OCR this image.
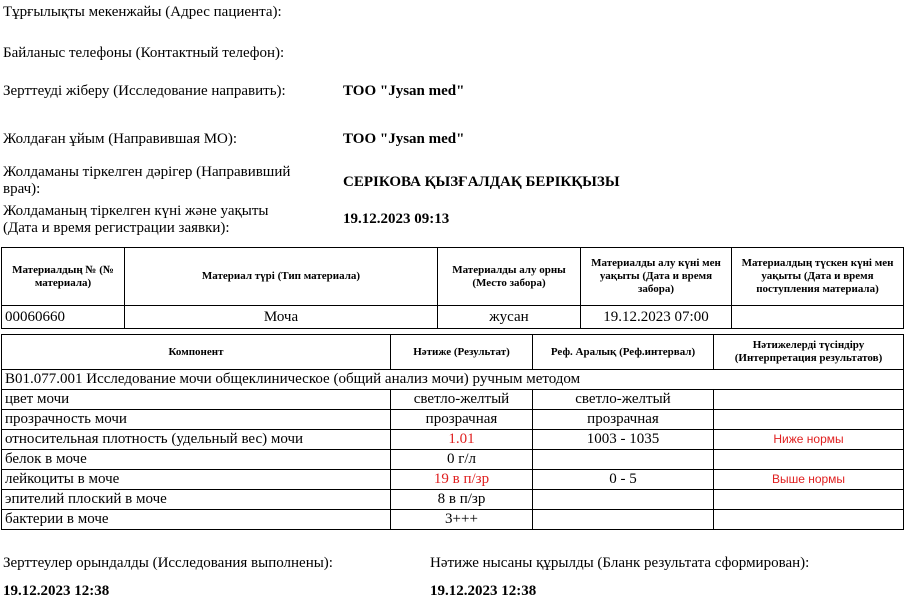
Тұрғылықты мекенжайы (Адрес пациента):
Байланыс телефоны (Контактный телефон):
Зерттеуді жіберу (Исследование направить):	ТОО "Jysan med"
Жолдаған ұйым (Направившая МО):	ТОО "Jysan med"
Жолдаманы тіркелген дәрігер (Направивший врач):	СЕРІКОВА ҚЫЗҒАЛДАҚ БЕРІКҚЫЗЫ
Жолдаманың тіркелген күні және уақыты (Дата и время регистрации заявки):
19.12.2023 09:13
Материалдың № (№ материала)	Материал түрі (Тип материала)	Материалды алу орны (Место забора)	Материалды алу күні мен уақыты (Дата и время забора)	Материалдың түскен күні мен уақыты (Дата и время поступления материала)
00060660	Моча	жусан	19.12.2023 07:00	
Компонент	Нәтиже (Результат)	Реф. Аралық (Реф.интервал)	Нәтижелерді түсіндіру (Интерпретация результатов)
B01.077.001 Исследование мочи общеклиническое (общий анализ мочи) ручным методом			
цвет мочи	светло-желтый	светло-желтый	
прозрачность мочи	прозрачная	прозрачная	
относительная плотность (удельный вес) мочи	1.01	1003 - 1035	Ниже нормы
белок в моче	0 г/л		
лейкоциты в моче	19 в п/зр	0 - 5	Выше нормы
эпителий плоский в моче	8 в п/зр		
бактерии в моче	3+++		
Зерттеулер орындалды (Исследования выполнены):
19.12.2023 12:38
Нәтиже нысаны құрылды (Бланк результата сформирован):
19.12.2023 12:38
